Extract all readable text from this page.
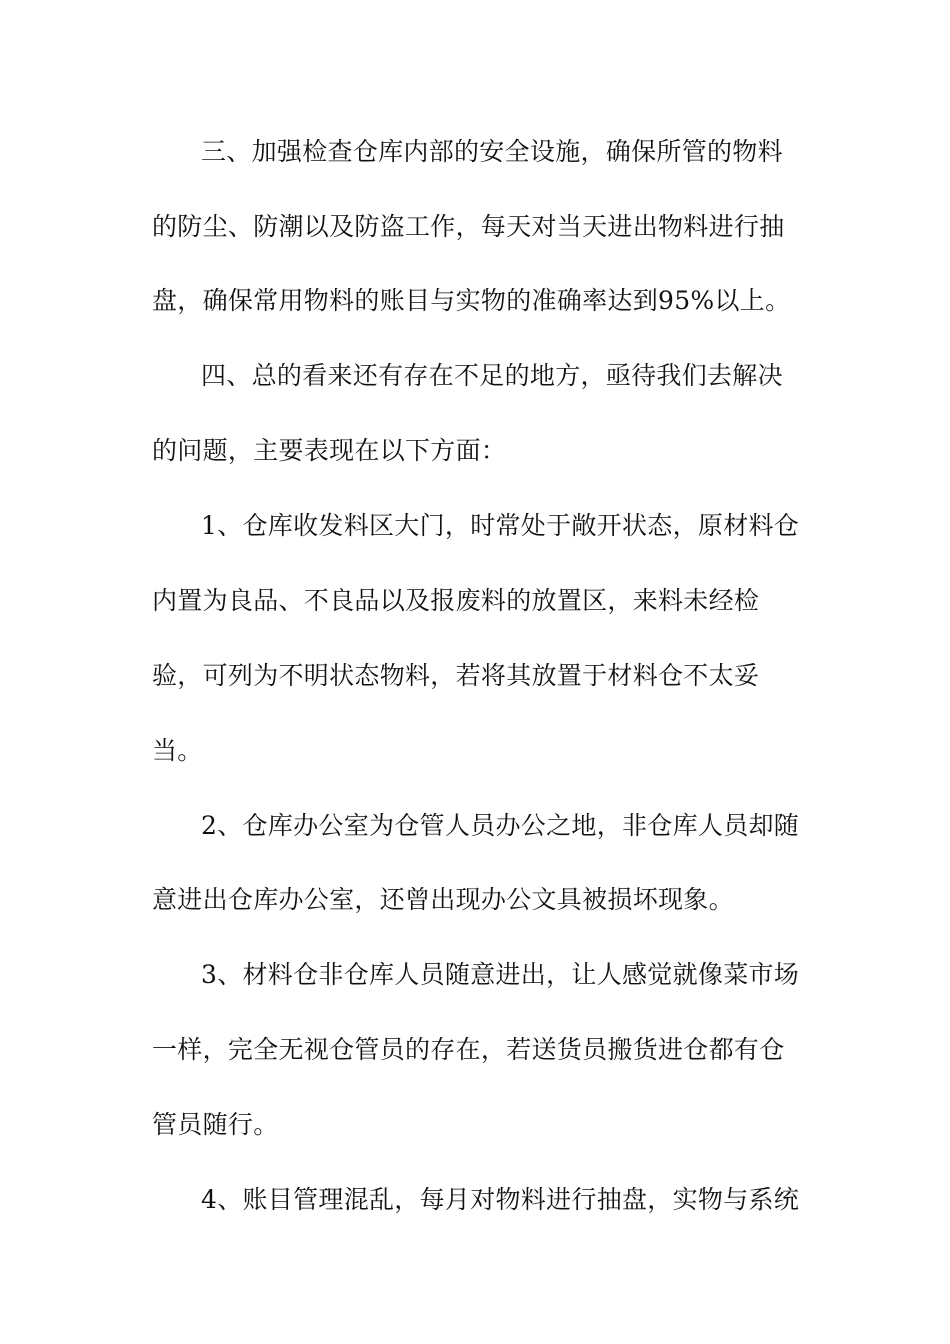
三、加强检查仓库内部的安全设施，确保所管的物料
的防尘、防潮以及防盗工作，每天对当天进出物料进行抽
盘，确保常用物料的账目与实物的准确率达到95%以上。
四、总的看来还有存在不足的地方，亟待我们去解决
的问题，主要表现在以下方面：
1、仓库收发料区大门，时常处于敞开状态，原材料仓
内置为良品、不良品以及报废料的放置区，来料未经检
验，可列为不明状态物料，若将其放置于材料仓不太妥
当。
2、仓库办公室为仓管人员办公之地，非仓库人员却随
意进出仓库办公室，还曾出现办公文具被损坏现象。
3、材料仓非仓库人员随意进出，让人感觉就像菜市场
一样，完全无视仓管员的存在，若送货员搬货进仓都有仓
管员随行。
4、账目管理混乱，每月对物料进行抽盘，实物与系统
